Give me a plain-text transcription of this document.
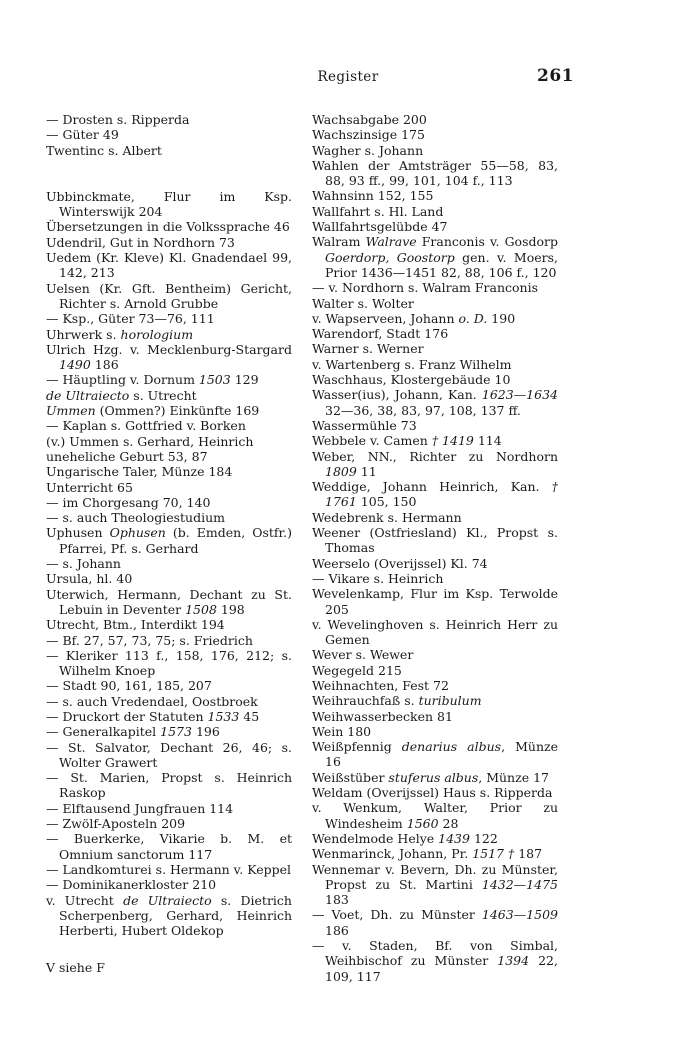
Register	261

— Drosten s. Ripperda

— Güter 49

Twentinc s. Albert

Ubbinckmate, Flur im Ksp. Winterswijk 204

Übersetzungen in die Volkssprache 46

Udendril, Gut in Nordhorn 73

Uedem (Kr. Kleve) Kl. Gnadendael 99, 142, 213

Uelsen (Kr. Gft. Bentheim) Gericht, Richter s. Arnold Grubbe

— Ksp., Güter 73—76, 111

Uhrwerk s. horologium

Ulrich Hzg. v. Mecklenburg-Stargard 1490 186

— Häuptling v. Dornum 1503 129

de Ultraiecto s. Utrecht

Ummen (Ommen?) Einkünfte 169

— Kaplan s. Gottfried v. Borken

(v.) Ummen s. Gerhard, Heinrich

uneheliche Geburt 53, 87

Ungarische Taler, Münze 184

Unterricht 65

— im Chorgesang 70, 140

— s. auch Theologiestudium

Uphusen Ophusen (b. Emden, Ostfr.) Pfarrei, Pf. s. Gerhard

— s. Johann

Ursula, hl. 40

Uterwich, Hermann, Dechant zu St. Lebuin in Deventer 1508 198

Utrecht, Btm., Interdikt 194

— Bf. 27, 57, 73, 75; s. Friedrich

— Kleriker 113 f., 158, 176, 212; s. Wilhelm Knoep

— Stadt 90, 161, 185, 207

— s. auch Vredendael, Oostbroek

— Druckort der Statuten 1533 45

— Generalkapitel 1573 196

— St. Salvator, Dechant 26, 46; s. Wolter Grawert

— St. Marien, Propst s. Heinrich Raskop

— Elftausend Jungfrauen 114

— Zwölf-Aposteln 209

— Buerkerke, Vikarie b. M. et Omnium sanctorum 117

— Landkomturei s. Hermann v. Keppel

— Dominikanerkloster 210

v. Utrecht de Ultraiecto s. Dietrich Scherpenberg, Gerhard, Heinrich Herberti, Hubert Oldekop

V siehe F

Wachsabgabe 200

Wachszinsige 175

Wagher s. Johann

Wahlen der Amtsträger 55—58, 83, 88, 93 ff., 99, 101, 104 f., 113

Wahnsinn 152, 155

Wallfahrt s. Hl. Land

Wallfahrtsgelübde 47

Walram Walrave Franconis v. Gosdorp Goerdorp, Goostorp gen. v. Moers, Prior 1436—1451 82, 88, 106 f., 120

— v. Nordhorn s. Walram Franconis

Walter s. Wolter

v. Wapserveen, Johann o. D. 190

Warendorf, Stadt 176

Warner s. Werner

v. Wartenberg s. Franz Wilhelm

Waschhaus, Klostergebäude 10

Wasser(ius), Johann, Kan. 1623—1634 32—36, 38, 83, 97, 108, 137 ff.

Wassermühle 73

Webbele v. Camen † 1419 114

Weber, NN., Richter zu Nordhorn 1809 11

Weddige, Johann Heinrich, Kan. † 1761 105, 150

Wedebrenk s. Hermann

Weener (Ostfriesland) Kl., Propst s. Thomas

Weerselo (Overijssel) Kl. 74

— Vikare s. Heinrich

Wevelenkamp, Flur im Ksp. Terwolde 205

v. Wevelinghoven s. Heinrich Herr zu Gemen

Wever s. Wewer

Wegegeld 215

Weihnachten, Fest 72

Weihrauchfaß s. turibulum

Weihwasserbecken 81

Wein 180

Weißpfennig denarius albus, Münze 16

Weißstüber stuferus albus, Münze 17

Weldam (Overijssel) Haus s. Ripperda

v. Wenkum, Walter, Prior zu Windesheim 1560 28

Wendelmode Helye 1439 122

Wenmarinck, Johann, Pr. 1517 † 187

Wennemar v. Bevern, Dh. zu Münster, Propst zu St. Martini 1432—1475 183

— Voet, Dh. zu Münster 1463—1509 186

— v. Staden, Bf. von Simbal, Weihbischof zu Münster 1394 22, 109, 117
